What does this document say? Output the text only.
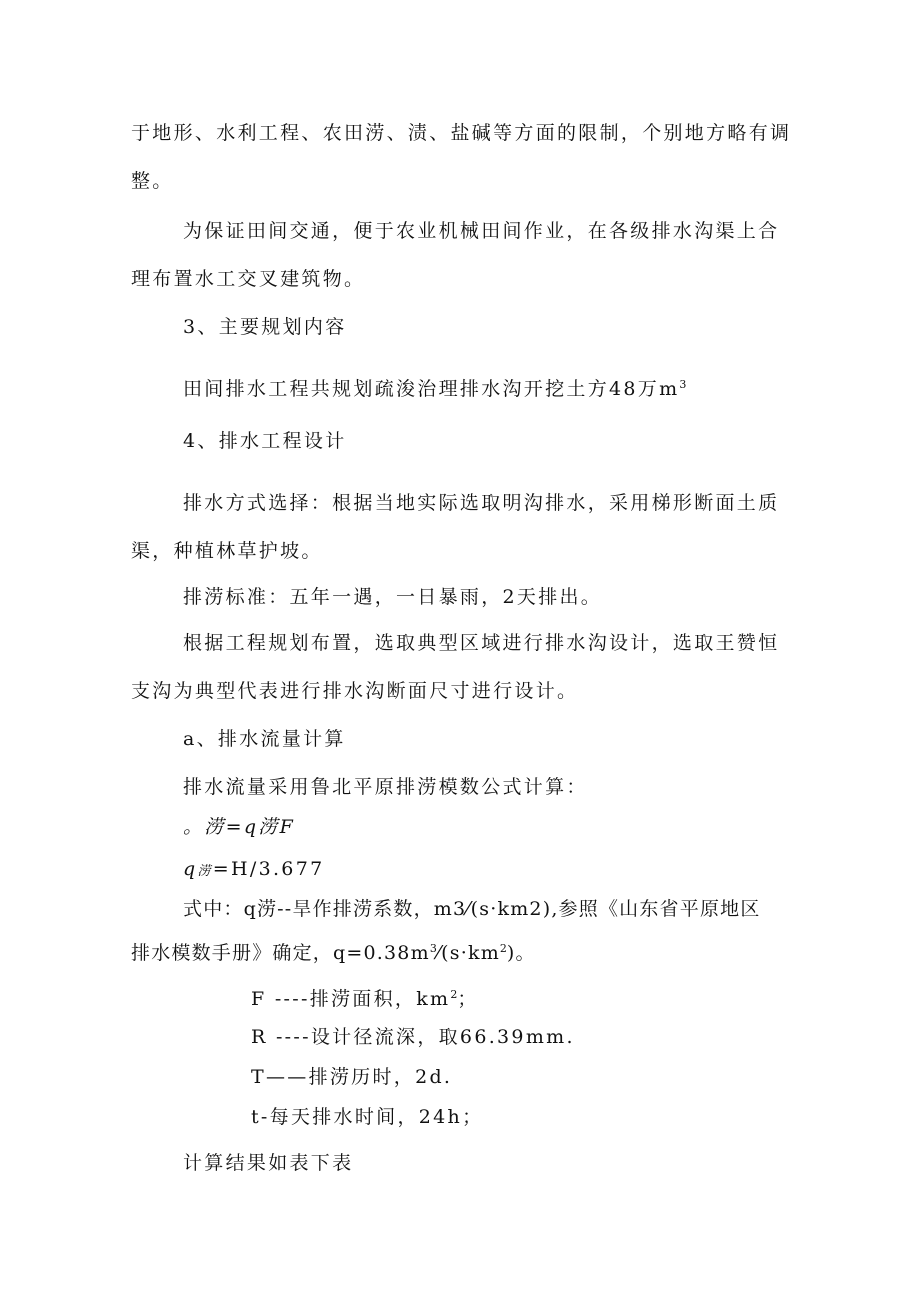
于地形、水利工程、农田涝、渍、盐碱等方面的限制，个别地方略有调
整。
为保证田间交通，便于农业机械田间作业，在各级排水沟渠上合
理布置水工交叉建筑物。
3、主要规划内容
田间排水工程共规划疏浚治理排水沟开挖土方48万$m^3$
4、排水工程设计
排水方式选择：根据当地实际选取明沟排水，采用梯形断面土质
渠，种植林草护坡。
排涝标准：五年一遇，一日暴雨，2天排出。
根据工程规划布置，选取典型区域进行排水沟设计，选取王赞恒
支沟为典型代表进行排水沟断面尺寸进行设计。
a、排水流量计算
排水流量采用鲁北平原排涝模数公式计算：
。涝=q涝F
q涝=H/3.677
式中：q涝--旱作排涝系数，m3⁄(s·km2),参照《山东省平原地区
排水模数手册》确定，$q=0.38m^3⁄(s\cdot km^2)$。
F ----排涝面积，$km^2$；
R ----设计径流深，取66.39mm.
T——排涝历时，2d.
t-每天排水时间，24h；
计算结果如表下表
